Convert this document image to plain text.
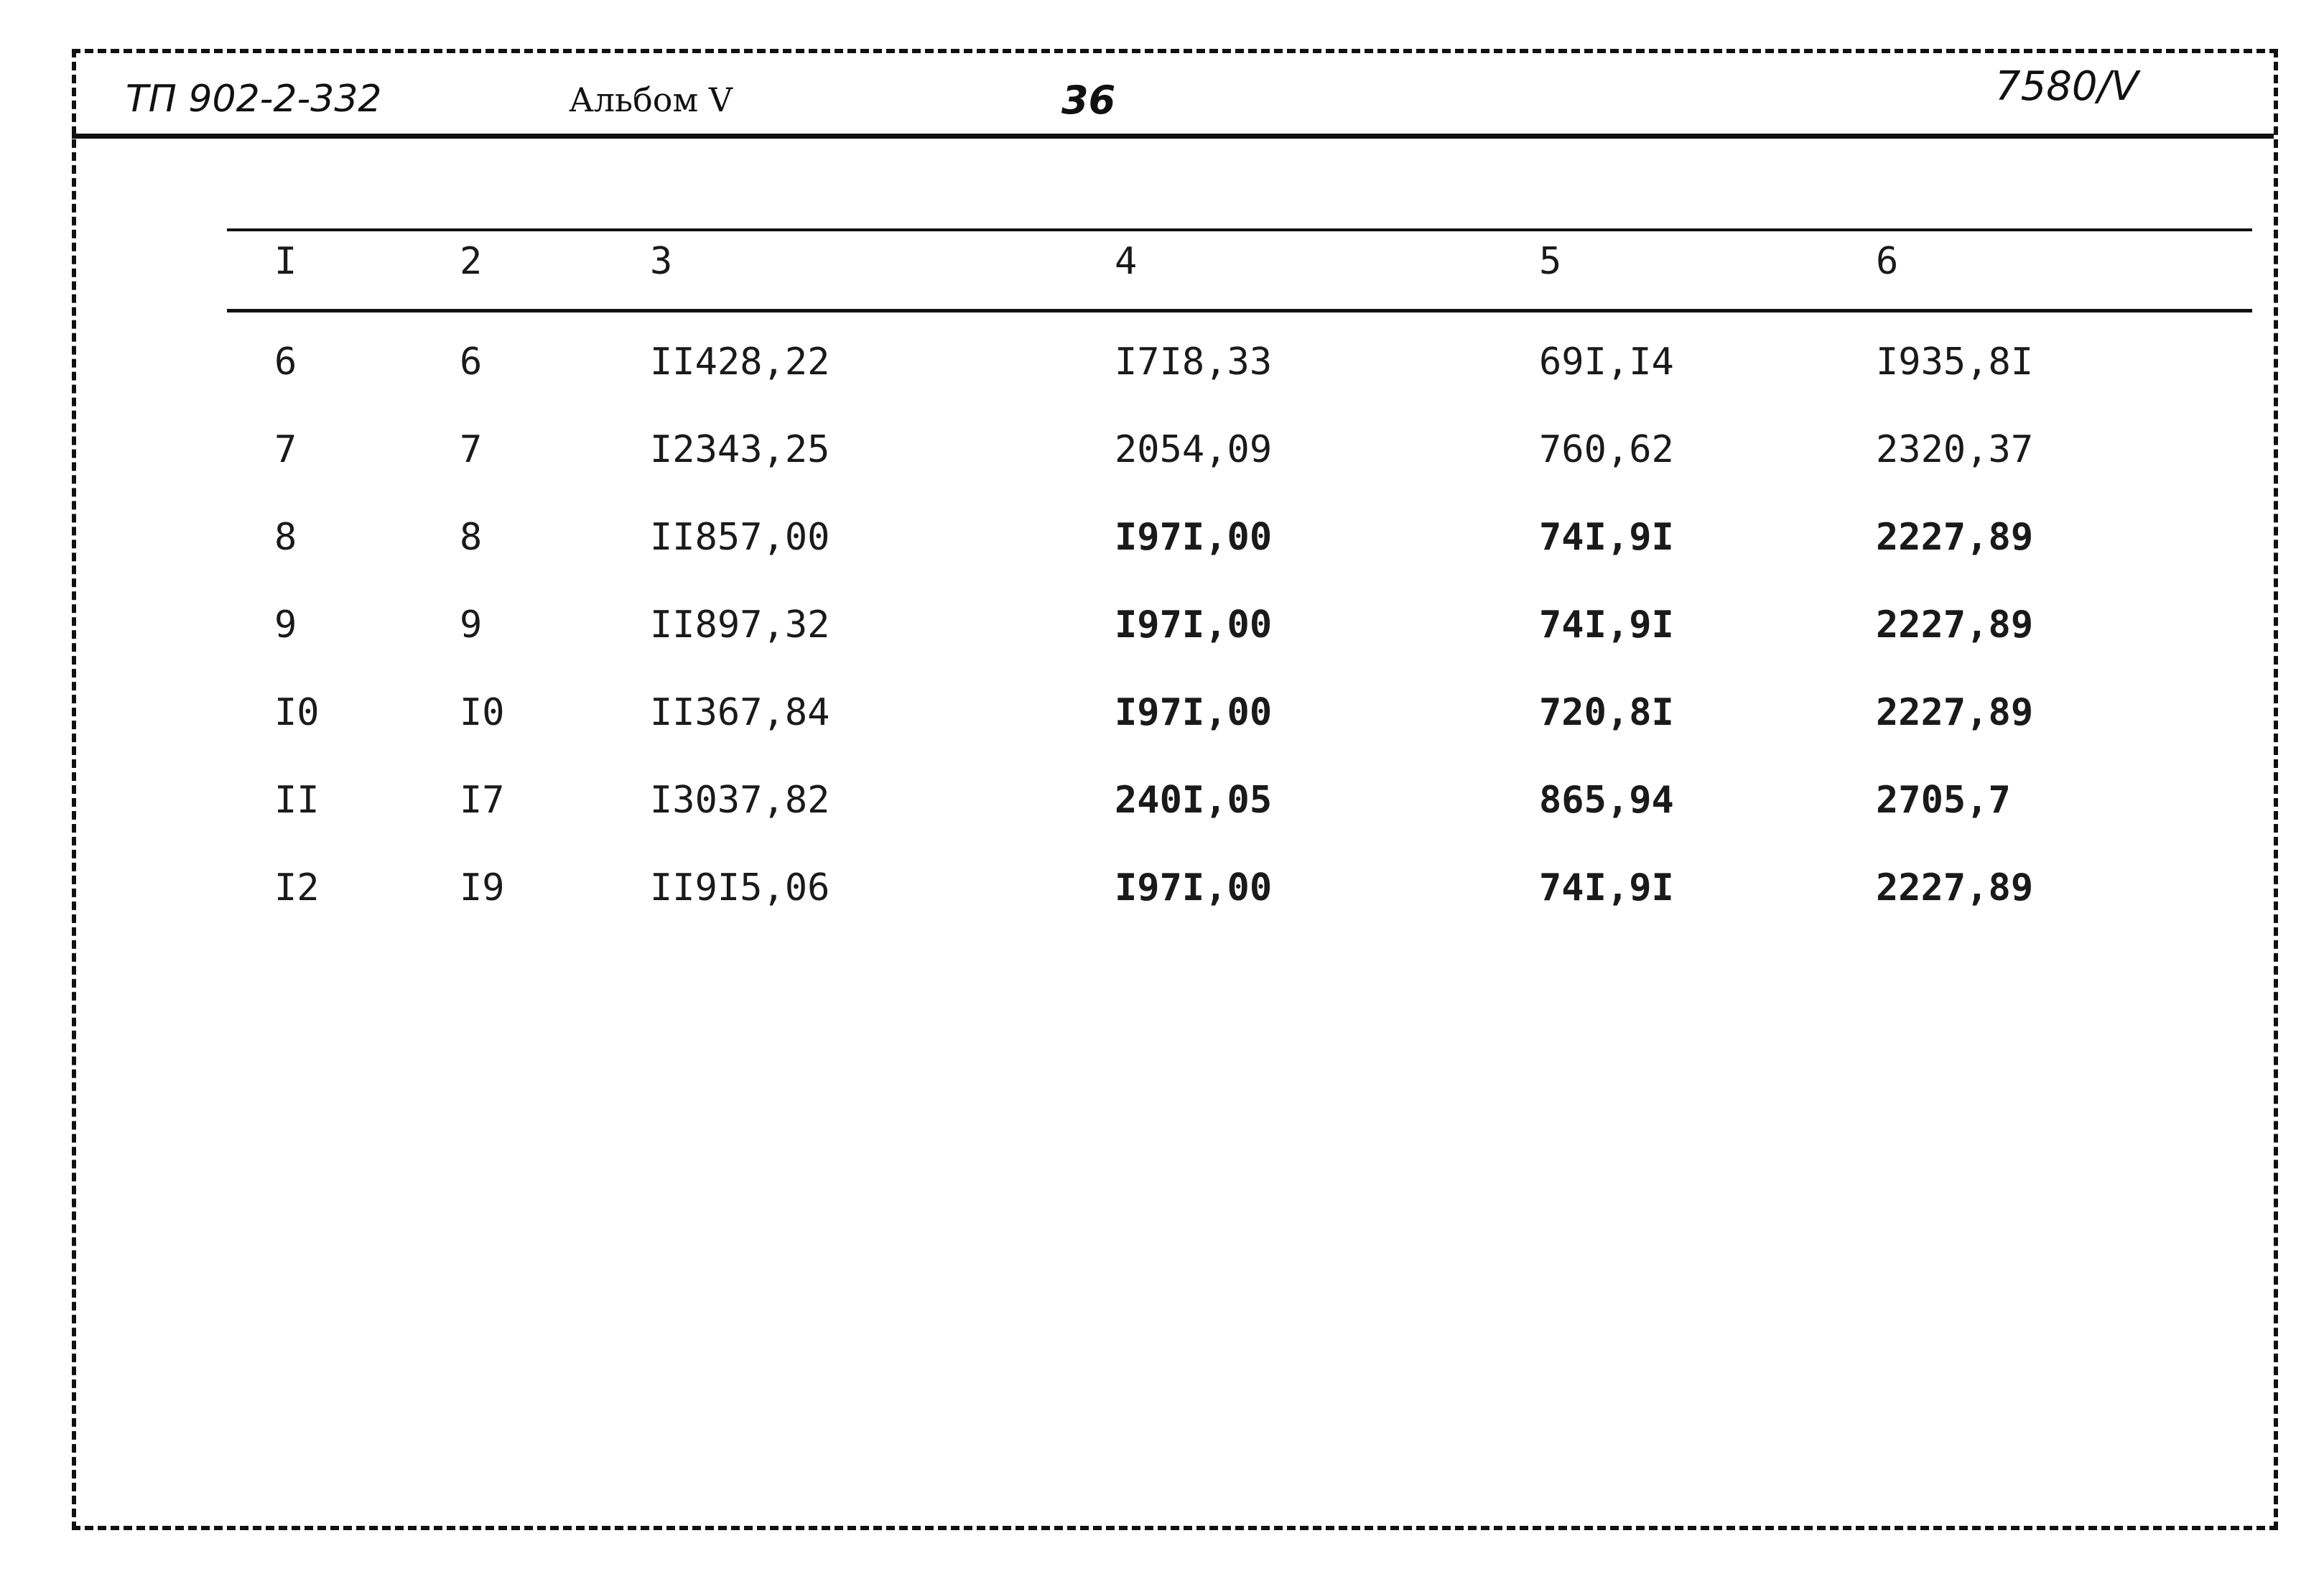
ТП 902-2-332	Альбом V	36	7580/V
I	2	3	4	5	6
6	6	II428,22	I7I8,33	69I,I4	I935,8I
7	7	I2343,25	2054,09	760,62	2320,37
8	8	II857,00	I97I,00	74I,9I	2227,89
9	9	II897,32	I97I,00	74I,9I	2227,89
I0	I0	II367,84	I97I,00	720,8I	2227,89
II	I7	I3037,82	240I,05	865,94	2705,7
I2	I9	II9I5,06	I97I,00	74I,9I	2227,89
